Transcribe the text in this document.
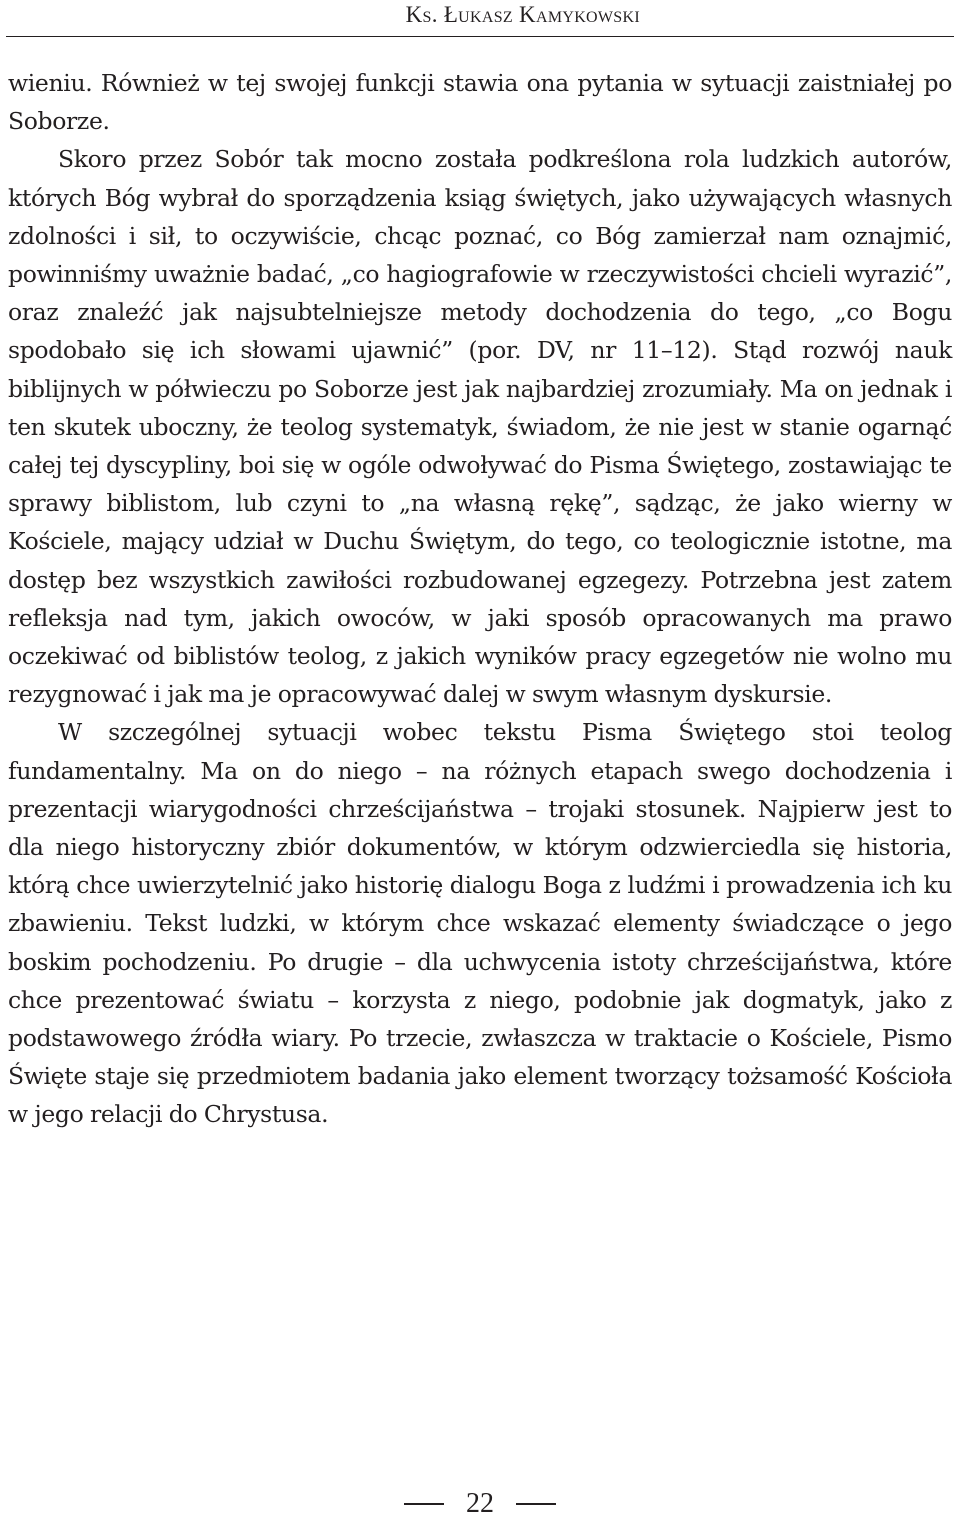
Ks. Łukasz Kamykowski

wieniu. Również w tej swojej funkcji stawia ona pytania w sytuacji zaistniałej po Soborze.

Skoro przez Sobór tak mocno została podkreślona rola ludzkich autorów, których Bóg wybrał do sporządzenia ksiąg świętych, jako używających własnych zdolności i sił, to oczywiście, chcąc poznać, co Bóg zamierzał nam oznajmić, powinniśmy uważnie badać, „co hagiografowie w rzeczywistości chcieli wyrazić”, oraz znaleźć jak najsubtelniejsze metody dochodzenia do tego, „co Bogu spodobało się ich słowami ujawnić” (por. DV, nr 11–12). Stąd rozwój nauk biblijnych w półwieczu po Soborze jest jak najbardziej zrozumiały. Ma on jednak i ten skutek uboczny, że teolog systematyk, świadom, że nie jest w stanie ogarnąć całej tej dyscypliny, boi się w ogóle odwoływać do Pisma Świętego, zostawiając te sprawy biblistom, lub czyni to „na własną rękę”, sądząc, że jako wierny w Kościele, mający udział w Duchu Świętym, do tego, co teologicznie istotne, ma dostęp bez wszystkich zawiłości rozbudowanej egzegezy. Potrzebna jest zatem refleksja nad tym, jakich owoców, w jaki sposób opracowanych ma prawo oczekiwać od biblistów teolog, z jakich wyników pracy egzegetów nie wolno mu rezygnować i jak ma je opracowywać dalej w swym własnym dyskursie.

W szczególnej sytuacji wobec tekstu Pisma Świętego stoi teolog fundamentalny. Ma on do niego – na różnych etapach swego dochodzenia i prezentacji wiarygodności chrześcijaństwa – trojaki stosunek. Najpierw jest to dla niego historyczny zbiór dokumentów, w którym odzwierciedla się historia, którą chce uwierzytelnić jako historię dialogu Boga z ludźmi i prowadzenia ich ku zbawieniu. Tekst ludzki, w którym chce wskazać elementy świadczące o jego boskim pochodzeniu. Po drugie – dla uchwycenia istoty chrześcijaństwa, które chce prezentować światu – korzysta z niego, podobnie jak dogmatyk, jako z podstawowego źródła wiary. Po trzecie, zwłaszcza w traktacie o Kościele, Pismo Święte staje się przedmiotem badania jako element tworzący tożsamość Kościoła w jego relacji do Chrystusa.

22
